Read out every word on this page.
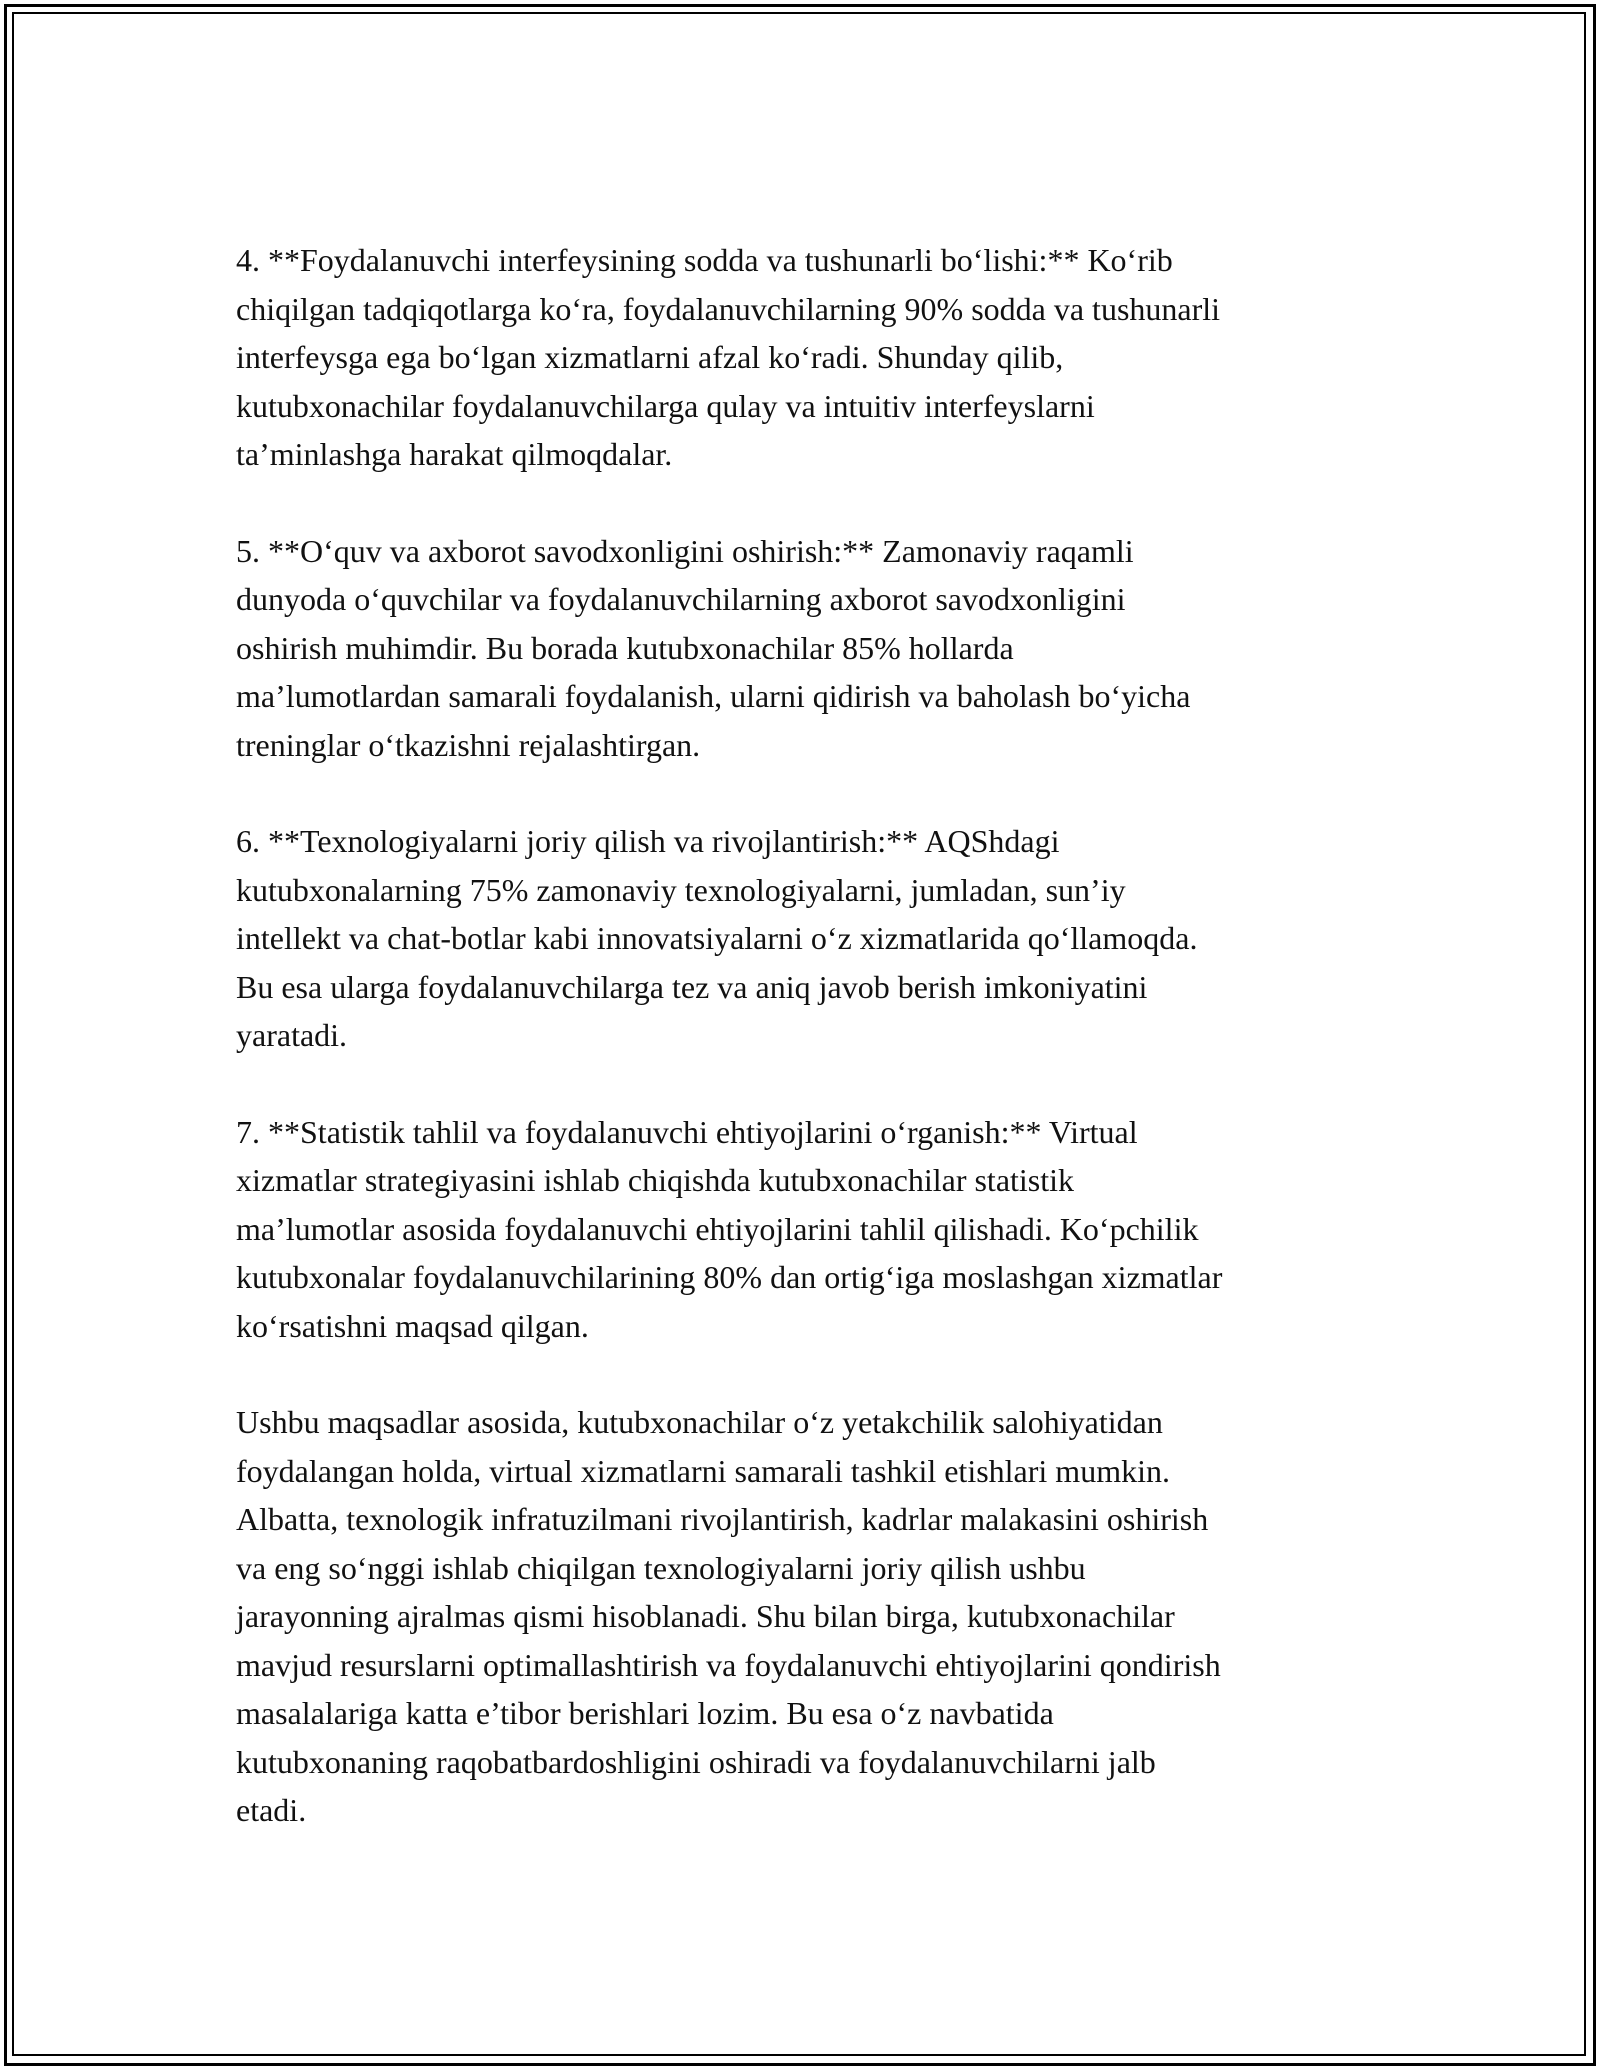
4. **Foydalanuvchi interfeysining sodda va tushunarli bo‘lishi:** Ko‘rib
chiqilgan tadqiqotlarga ko‘ra, foydalanuvchilarning 90% sodda va tushunarli
interfeysga ega bo‘lgan xizmatlarni afzal ko‘radi. Shunday qilib,
kutubxonachilar foydalanuvchilarga qulay va intuitiv interfeyslarni
ta’minlashga harakat qilmoqdalar.

5. **O‘quv va axborot savodxonligini oshirish:** Zamonaviy raqamli
dunyoda o‘quvchilar va foydalanuvchilarning axborot savodxonligini
oshirish muhimdir. Bu borada kutubxonachilar 85% hollarda
ma’lumotlardan samarali foydalanish, ularni qidirish va baholash bo‘yicha
treninglar o‘tkazishni rejalashtirgan.

6. **Texnologiyalarni joriy qilish va rivojlantirish:** AQShdagi
kutubxonalarning 75% zamonaviy texnologiyalarni, jumladan, sun’iy
intellekt va chat-botlar kabi innovatsiyalarni o‘z xizmatlarida qo‘llamoqda.
Bu esa ularga foydalanuvchilarga tez va aniq javob berish imkoniyatini
yaratadi.

7. **Statistik tahlil va foydalanuvchi ehtiyojlarini o‘rganish:** Virtual
xizmatlar strategiyasini ishlab chiqishda kutubxonachilar statistik
ma’lumotlar asosida foydalanuvchi ehtiyojlarini tahlil qilishadi. Ko‘pchilik
kutubxonalar foydalanuvchilarining 80% dan ortig‘iga moslashgan xizmatlar
ko‘rsatishni maqsad qilgan.

Ushbu maqsadlar asosida, kutubxonachilar o‘z yetakchilik salohiyatidan
foydalangan holda, virtual xizmatlarni samarali tashkil etishlari mumkin.
Albatta, texnologik infratuzilmani rivojlantirish, kadrlar malakasini oshirish
va eng so‘nggi ishlab chiqilgan texnologiyalarni joriy qilish ushbu
jarayonning ajralmas qismi hisoblanadi. Shu bilan birga, kutubxonachilar
mavjud resurslarni optimallashtirish va foydalanuvchi ehtiyojlarini qondirish
masalalariga katta e’tibor berishlari lozim. Bu esa o‘z navbatida
kutubxonaning raqobatbardoshligini oshiradi va foydalanuvchilarni jalb
etadi.
